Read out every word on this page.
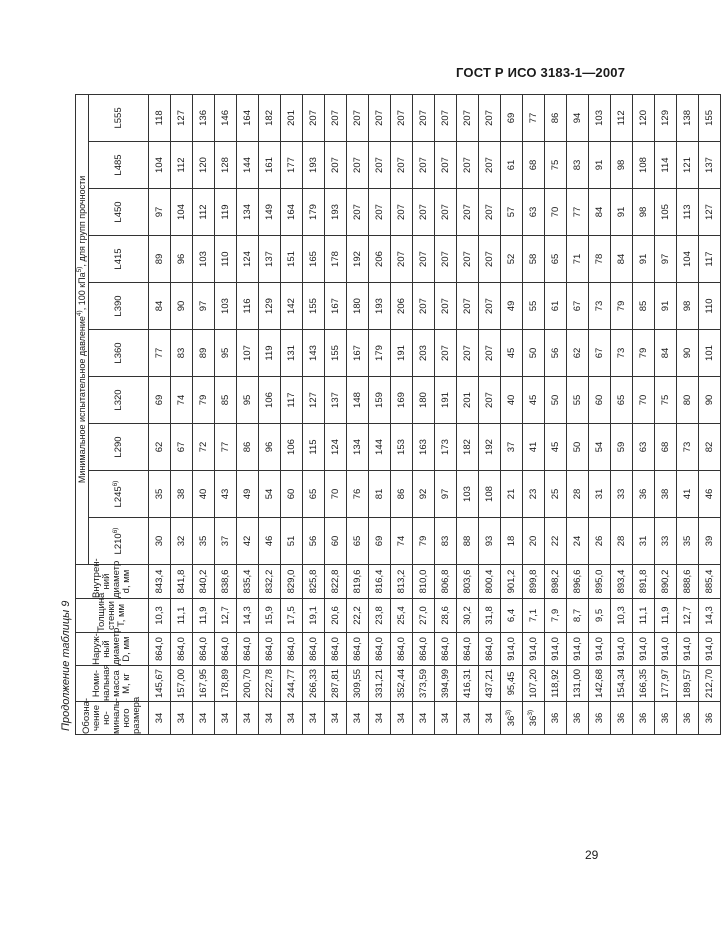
ГОСТ Р ИСО 3183-1—2007
Продолжение таблицы 9 Обозна-чение но-миналь-ного размера	Номи-нальная масса М, кг	Наруж-ный диаметр D, мм	Толщина стенки Т, мм	Внутрен-ний диаметр d, мм	Минимальное испытательное давление$^{4)}$, 100 кПа$^{5)}$, для групп прочности									
					L210$^{6)}$	L245$^{6)}$	L290	L320	L360	L390	L415	L450	L485	L555
34	145,67	864,0	10,3	843,4	30	35	62	69	77	84	89	97	104	118
34	157,00	864,0	11,1	841,8	32	38	67	74	83	90	96	104	112	127
34	167,95	864,0	11,9	840,2	35	40	72	79	89	97	103	112	120	136
34	178,89	864,0	12,7	838,6	37	43	77	85	95	103	110	119	128	146
34	200,70	864,0	14,3	835,4	42	49	86	95	107	116	124	134	144	164
34	222,78	864,0	15,9	832,2	46	54	96	106	119	129	137	149	161	182
34	244,77	864,0	17,5	829,0	51	60	106	117	131	142	151	164	177	201
34	266,33	864,0	19,1	825,8	56	65	115	127	143	155	165	179	193	207
34	287,81	864,0	20,6	822,8	60	70	124	137	155	167	178	193	207	207
34	309,55	864,0	22,2	819,6	65	76	134	148	167	180	192	207	207	207
34	331,21	864,0	23,8	816,4	69	81	144	159	179	193	206	207	207	207
34	352,44	864,0	25,4	813,2	74	86	153	169	191	206	207	207	207	207
34	373,59	864,0	27,0	810,0	79	92	163	180	203	207	207	207	207	207
34	394,99	864,0	28,6	806,8	83	97	173	191	207	207	207	207	207	207
34	416,31	864,0	30,2	803,6	88	103	182	201	207	207	207	207	207	207
34	437,21	864,0	31,8	800,4	93	108	192	207	207	207	207	207	207	207
36$^{3)}$	95,45	914,0	6,4	901,2	18	21	37	40	45	49	52	57	61	69
36$^{3)}$	107,20	914,0	7,1	899,8	20	23	41	45	50	55	58	63	68	77
36	118,92	914,0	7,9	898,2	22	25	45	50	56	61	65	70	75	86
36	131,00	914,0	8,7	896,6	24	28	50	55	62	67	71	77	83	94
36	142,68	914,0	9,5	895,0	26	31	54	60	67	73	78	84	91	103
36	154,34	914,0	10,3	893,4	28	33	59	65	73	79	84	91	98	112
36	166,35	914,0	11,1	891,8	31	36	63	70	79	85	91	98	108	120
36	177,97	914,0	11,9	890,2	33	38	68	75	84	91	97	105	114	129
36	189,57	914,0	12,7	888,6	35	41	73	80	90	98	104	113	121	138
36	212,70	914,0	14,3	885,4	39	46	82	90	101	110	117	127	137	155
29
